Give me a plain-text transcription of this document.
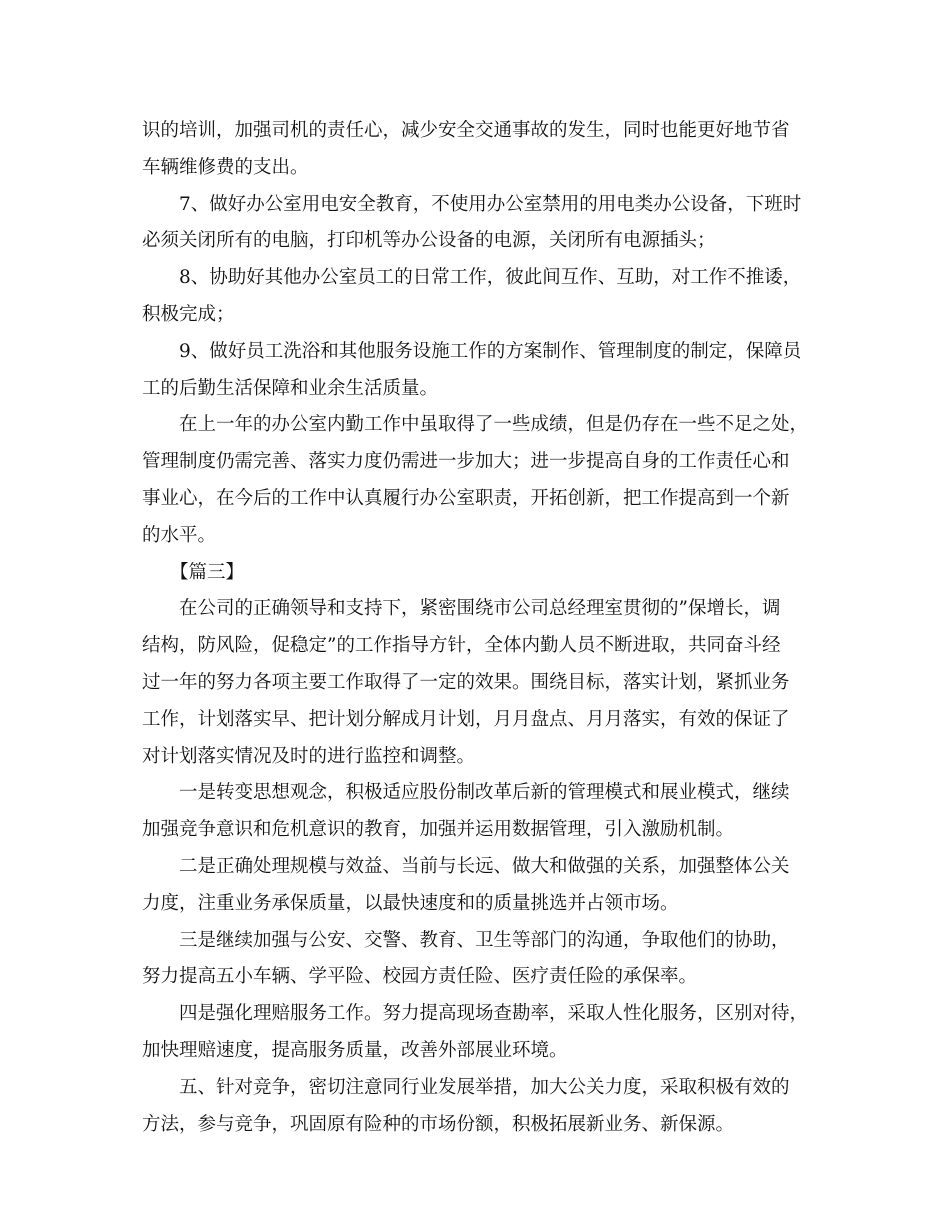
识的培训，加强司机的责任心，减少安全交通事故的发生，同时也能更好地节省
车辆维修费的支出。
7、做好办公室用电安全教育，不使用办公室禁用的用电类办公设备，下班时
必须关闭所有的电脑，打印机等办公设备的电源，关闭所有电源插头；
8、协助好其他办公室员工的日常工作，彼此间互作、互助，对工作不推诿，
积极完成；
9、做好员工洗浴和其他服务设施工作的方案制作、管理制度的制定，保障员
工的后勤生活保障和业余生活质量。
在上一年的办公室内勤工作中虽取得了一些成绩，但是仍存在一些不足之处，
管理制度仍需完善、落实力度仍需进一步加大；进一步提高自身的工作责任心和
事业心，在今后的工作中认真履行办公室职责，开拓创新，把工作提高到一个新
的水平。
【篇三】
在公司的正确领导和支持下，紧密围绕市公司总经理室贯彻的”保增长，调
结构，防风险，促稳定”的工作指导方针，全体内勤人员不断进取，共同奋斗经
过一年的努力各项主要工作取得了一定的效果。围绕目标，落实计划，紧抓业务
工作，计划落实早、把计划分解成月计划，月月盘点、月月落实，有效的保证了
对计划落实情况及时的进行监控和调整。
一是转变思想观念，积极适应股份制改革后新的管理模式和展业模式，继续
加强竞争意识和危机意识的教育，加强并运用数据管理，引入激励机制。
二是正确处理规模与效益、当前与长远、做大和做强的关系，加强整体公关
力度，注重业务承保质量，以最快速度和的质量挑选并占领市场。
三是继续加强与公安、交警、教育、卫生等部门的沟通，争取他们的协助，
努力提高五小车辆、学平险、校园方责任险、医疗责任险的承保率。
四是强化理赔服务工作。努力提高现场查勘率，采取人性化服务，区别对待，
加快理赔速度，提高服务质量，改善外部展业环境。
五、针对竞争，密切注意同行业发展举措，加大公关力度，采取积极有效的
方法，参与竞争，巩固原有险种的市场份额，积极拓展新业务、新保源。
